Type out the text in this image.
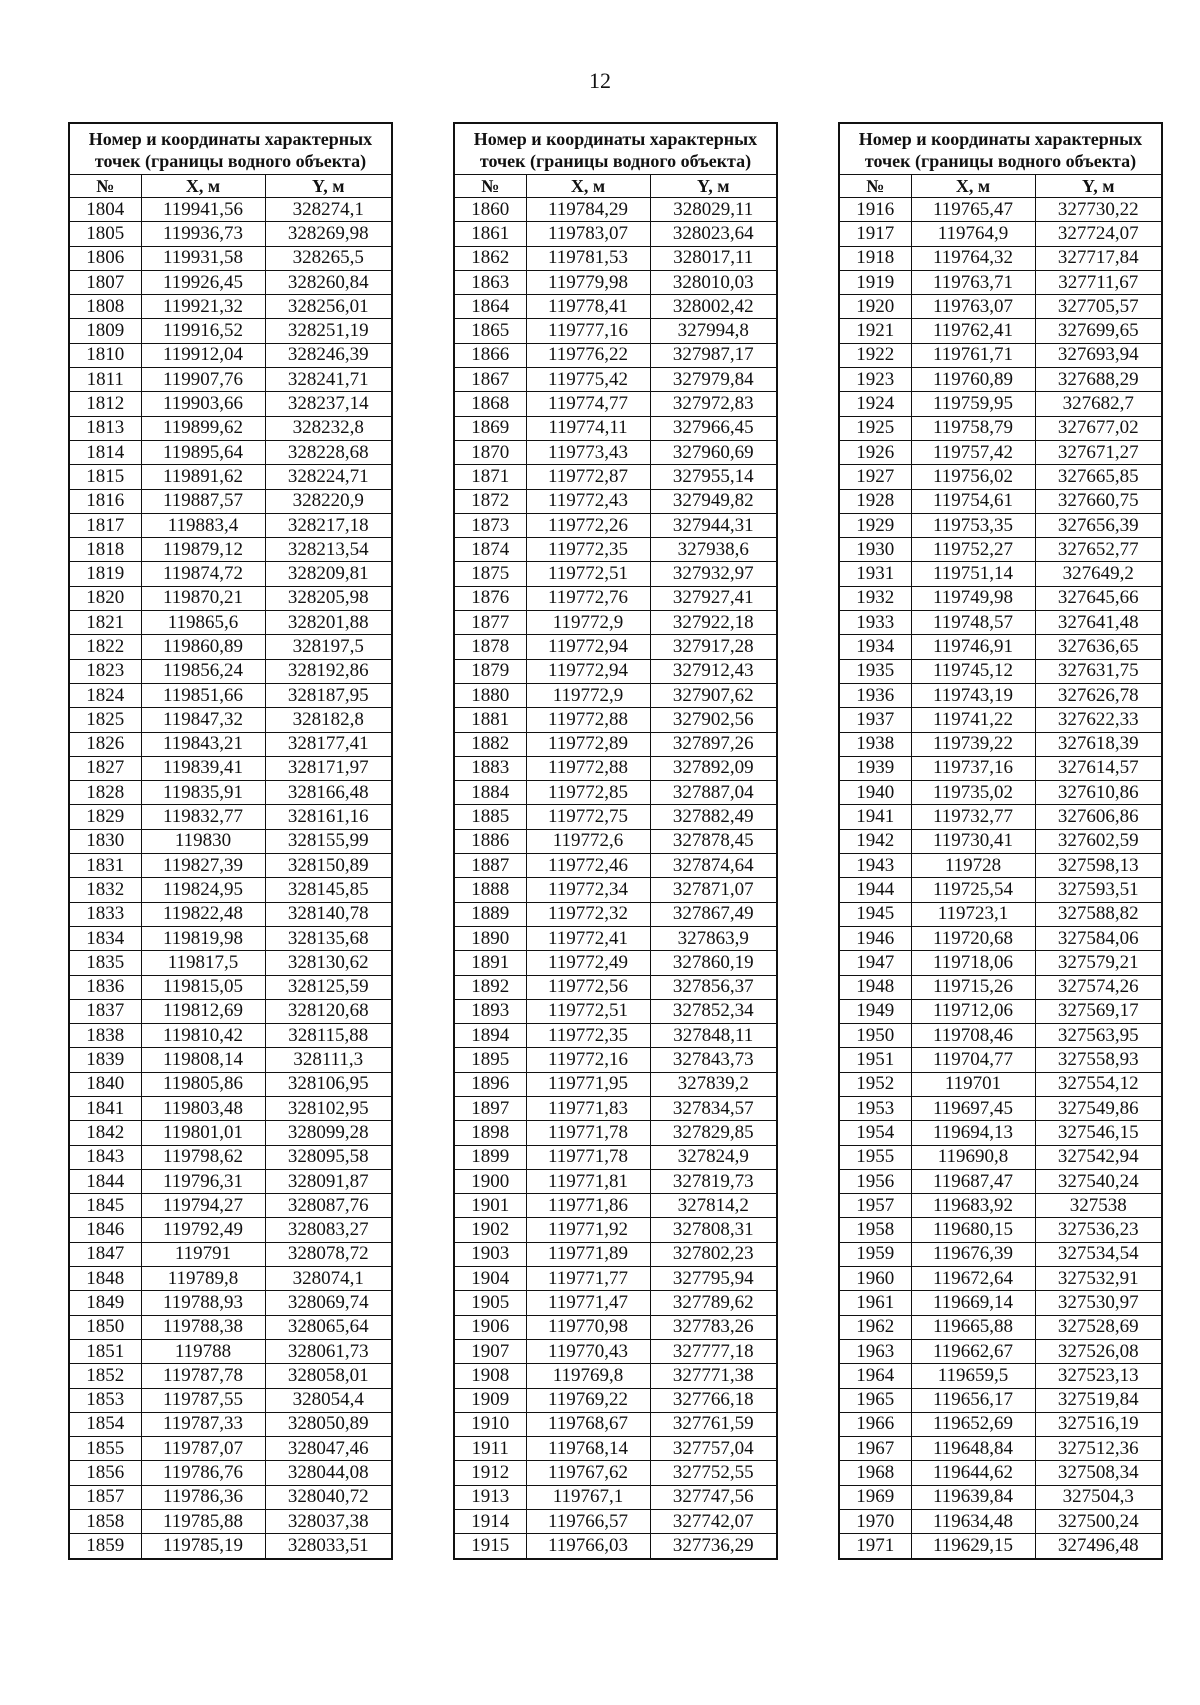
12
Номер и координаты характерных точек (границы водного объекта)		
№	X, м	Y, м
1804	119941,56	328274,1
1805	119936,73	328269,98
1806	119931,58	328265,5
1807	119926,45	328260,84
1808	119921,32	328256,01
1809	119916,52	328251,19
1810	119912,04	328246,39
1811	119907,76	328241,71
1812	119903,66	328237,14
1813	119899,62	328232,8
1814	119895,64	328228,68
1815	119891,62	328224,71
1816	119887,57	328220,9
1817	119883,4	328217,18
1818	119879,12	328213,54
1819	119874,72	328209,81
1820	119870,21	328205,98
1821	119865,6	328201,88
1822	119860,89	328197,5
1823	119856,24	328192,86
1824	119851,66	328187,95
1825	119847,32	328182,8
1826	119843,21	328177,41
1827	119839,41	328171,97
1828	119835,91	328166,48
1829	119832,77	328161,16
1830	119830	328155,99
1831	119827,39	328150,89
1832	119824,95	328145,85
1833	119822,48	328140,78
1834	119819,98	328135,68
1835	119817,5	328130,62
1836	119815,05	328125,59
1837	119812,69	328120,68
1838	119810,42	328115,88
1839	119808,14	328111,3
1840	119805,86	328106,95
1841	119803,48	328102,95
1842	119801,01	328099,28
1843	119798,62	328095,58
1844	119796,31	328091,87
1845	119794,27	328087,76
1846	119792,49	328083,27
1847	119791	328078,72
1848	119789,8	328074,1
1849	119788,93	328069,74
1850	119788,38	328065,64
1851	119788	328061,73
1852	119787,78	328058,01
1853	119787,55	328054,4
1854	119787,33	328050,89
1855	119787,07	328047,46
1856	119786,76	328044,08
1857	119786,36	328040,72
1858	119785,88	328037,38
1859	119785,19	328033,51
Номер и координаты характерных точек (границы водного объекта)		
№	X, м	Y, м
1860	119784,29	328029,11
1861	119783,07	328023,64
1862	119781,53	328017,11
1863	119779,98	328010,03
1864	119778,41	328002,42
1865	119777,16	327994,8
1866	119776,22	327987,17
1867	119775,42	327979,84
1868	119774,77	327972,83
1869	119774,11	327966,45
1870	119773,43	327960,69
1871	119772,87	327955,14
1872	119772,43	327949,82
1873	119772,26	327944,31
1874	119772,35	327938,6
1875	119772,51	327932,97
1876	119772,76	327927,41
1877	119772,9	327922,18
1878	119772,94	327917,28
1879	119772,94	327912,43
1880	119772,9	327907,62
1881	119772,88	327902,56
1882	119772,89	327897,26
1883	119772,88	327892,09
1884	119772,85	327887,04
1885	119772,75	327882,49
1886	119772,6	327878,45
1887	119772,46	327874,64
1888	119772,34	327871,07
1889	119772,32	327867,49
1890	119772,41	327863,9
1891	119772,49	327860,19
1892	119772,56	327856,37
1893	119772,51	327852,34
1894	119772,35	327848,11
1895	119772,16	327843,73
1896	119771,95	327839,2
1897	119771,83	327834,57
1898	119771,78	327829,85
1899	119771,78	327824,9
1900	119771,81	327819,73
1901	119771,86	327814,2
1902	119771,92	327808,31
1903	119771,89	327802,23
1904	119771,77	327795,94
1905	119771,47	327789,62
1906	119770,98	327783,26
1907	119770,43	327777,18
1908	119769,8	327771,38
1909	119769,22	327766,18
1910	119768,67	327761,59
1911	119768,14	327757,04
1912	119767,62	327752,55
1913	119767,1	327747,56
1914	119766,57	327742,07
1915	119766,03	327736,29
Номер и координаты характерных точек (границы водного объекта)		
№	X, м	Y, м
1916	119765,47	327730,22
1917	119764,9	327724,07
1918	119764,32	327717,84
1919	119763,71	327711,67
1920	119763,07	327705,57
1921	119762,41	327699,65
1922	119761,71	327693,94
1923	119760,89	327688,29
1924	119759,95	327682,7
1925	119758,79	327677,02
1926	119757,42	327671,27
1927	119756,02	327665,85
1928	119754,61	327660,75
1929	119753,35	327656,39
1930	119752,27	327652,77
1931	119751,14	327649,2
1932	119749,98	327645,66
1933	119748,57	327641,48
1934	119746,91	327636,65
1935	119745,12	327631,75
1936	119743,19	327626,78
1937	119741,22	327622,33
1938	119739,22	327618,39
1939	119737,16	327614,57
1940	119735,02	327610,86
1941	119732,77	327606,86
1942	119730,41	327602,59
1943	119728	327598,13
1944	119725,54	327593,51
1945	119723,1	327588,82
1946	119720,68	327584,06
1947	119718,06	327579,21
1948	119715,26	327574,26
1949	119712,06	327569,17
1950	119708,46	327563,95
1951	119704,77	327558,93
1952	119701	327554,12
1953	119697,45	327549,86
1954	119694,13	327546,15
1955	119690,8	327542,94
1956	119687,47	327540,24
1957	119683,92	327538
1958	119680,15	327536,23
1959	119676,39	327534,54
1960	119672,64	327532,91
1961	119669,14	327530,97
1962	119665,88	327528,69
1963	119662,67	327526,08
1964	119659,5	327523,13
1965	119656,17	327519,84
1966	119652,69	327516,19
1967	119648,84	327512,36
1968	119644,62	327508,34
1969	119639,84	327504,3
1970	119634,48	327500,24
1971	119629,15	327496,48
